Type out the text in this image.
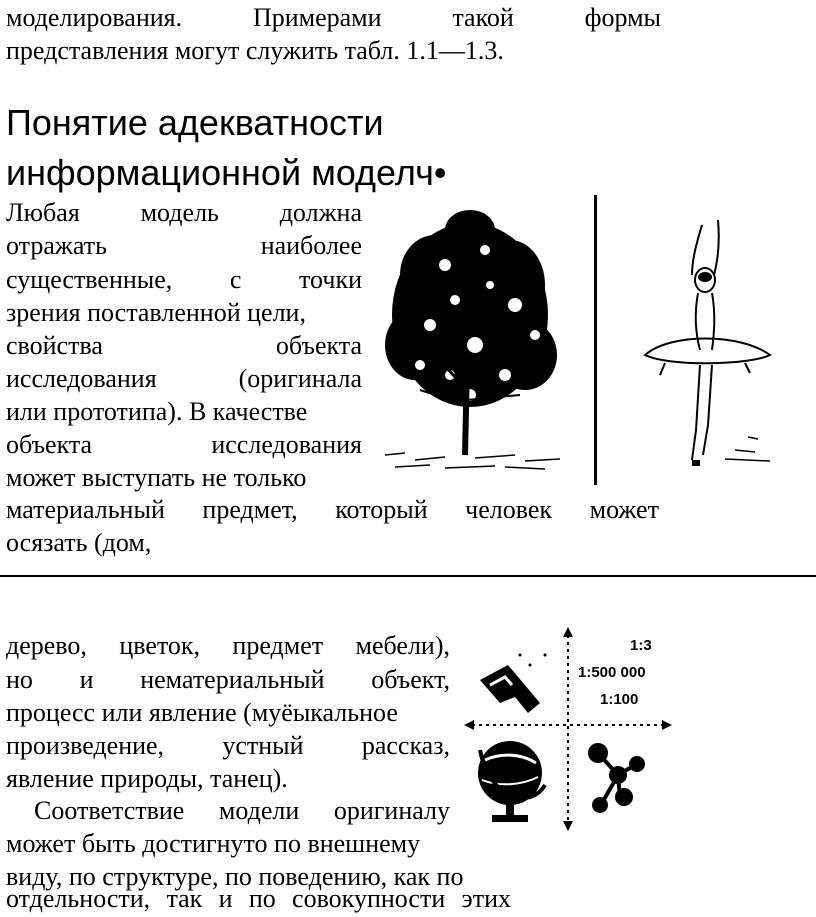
моделирования.	Примерами	такой	формы
представления могут служить табл. 1.1—1.3.
Понятие адекватности
информационной моделч•
Любая модель должна
отражать	наиболее
существенные, с точки
зрения поставленной цели,
свойства	объекта
исследования	(оригинала
или прототипа). В качестве
объекта	исследования
может выступать не только
материальный предмет, который человек может
осязать (дом,
дерево, цветок, предмет мебели),
но и нематериальный объект,
процесс или явление (муёыкальное
произведение, устный рассказ,
явление природы, танец).
Соответствие модели оригиналу
может быть достигнуто по внешнему
виду, по структуре, по поведению, как по
отдельности, так и по совокупности этих
1:3
1:500 000
1:100
